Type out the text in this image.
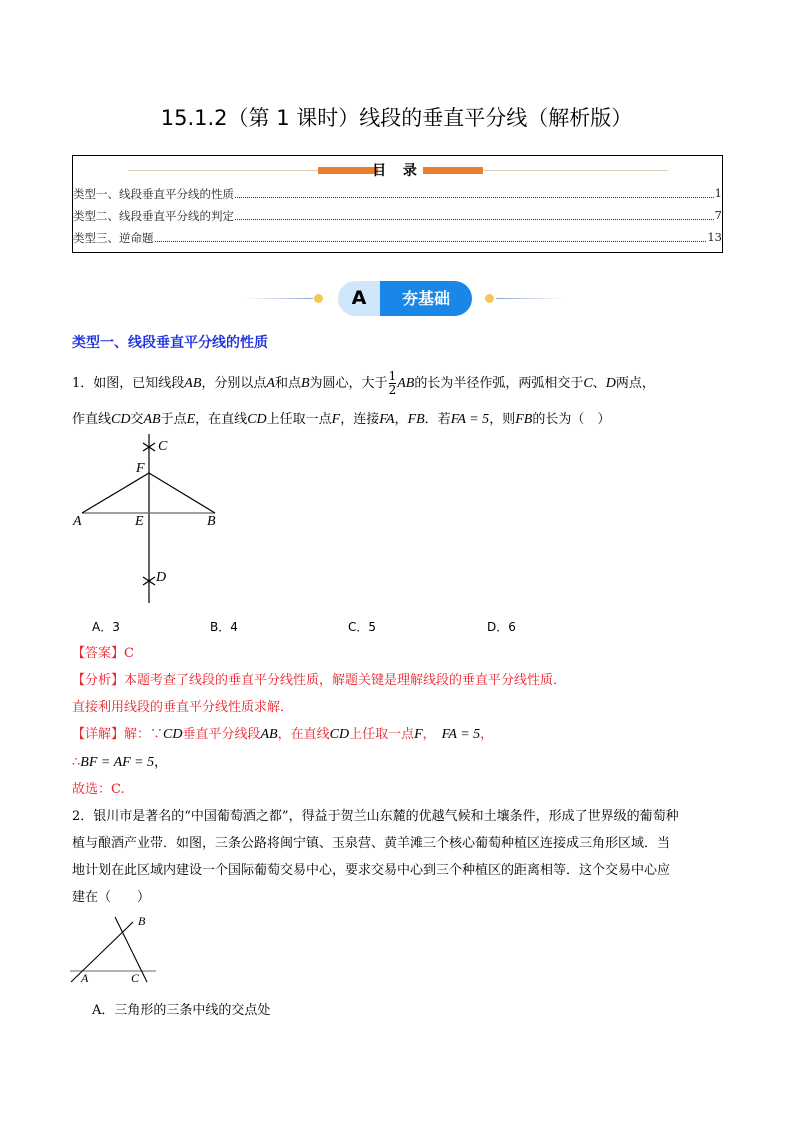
15.1.2（第 1 课时）线段的垂直平分线（解析版）
目 录
类型一、线段垂直平分线的性质	1
类型二、线段垂直平分线的判定	7
类型三、逆命题	13
A	夯基础
类型一、线段垂直平分线的性质
1．如图，已知线段AB，分别以点A和点B为圆心，大于 $\frac{1}{2}$ AB的长为半径作弧，两弧相交于C、D两点，
作直线CD交AB于点E，在直线CD上任取一点F，连接FA，FB．若FA = 5，则FB的长为（　）
C
F
A	E	B
D
A．3	B．4	C．5	D．6
【答案】C
【分析】本题考查了线段的垂直平分线性质，解题关键是理解线段的垂直平分线性质．
直接利用线段的垂直平分线性质求解．
【详解】解：∵CD垂直平分线段AB，在直线CD上任取一点F， FA = 5，
∴BF = AF = 5，
故选：C.
2．银川市是著名的“中国葡萄酒之都”，得益于贺兰山东麓的优越气候和土壤条件，形成了世界级的葡萄种
植与酿酒产业带．如图，三条公路将闽宁镇、玉泉营、黄羊滩三个核心葡萄种植区连接成三角形区域．当
地计划在此区域内建设一个国际葡萄交易中心，要求交易中心到三个种植区的距离相等．这个交易中心应
建在（　　）
B
A	C
A．三角形的三条中线的交点处
